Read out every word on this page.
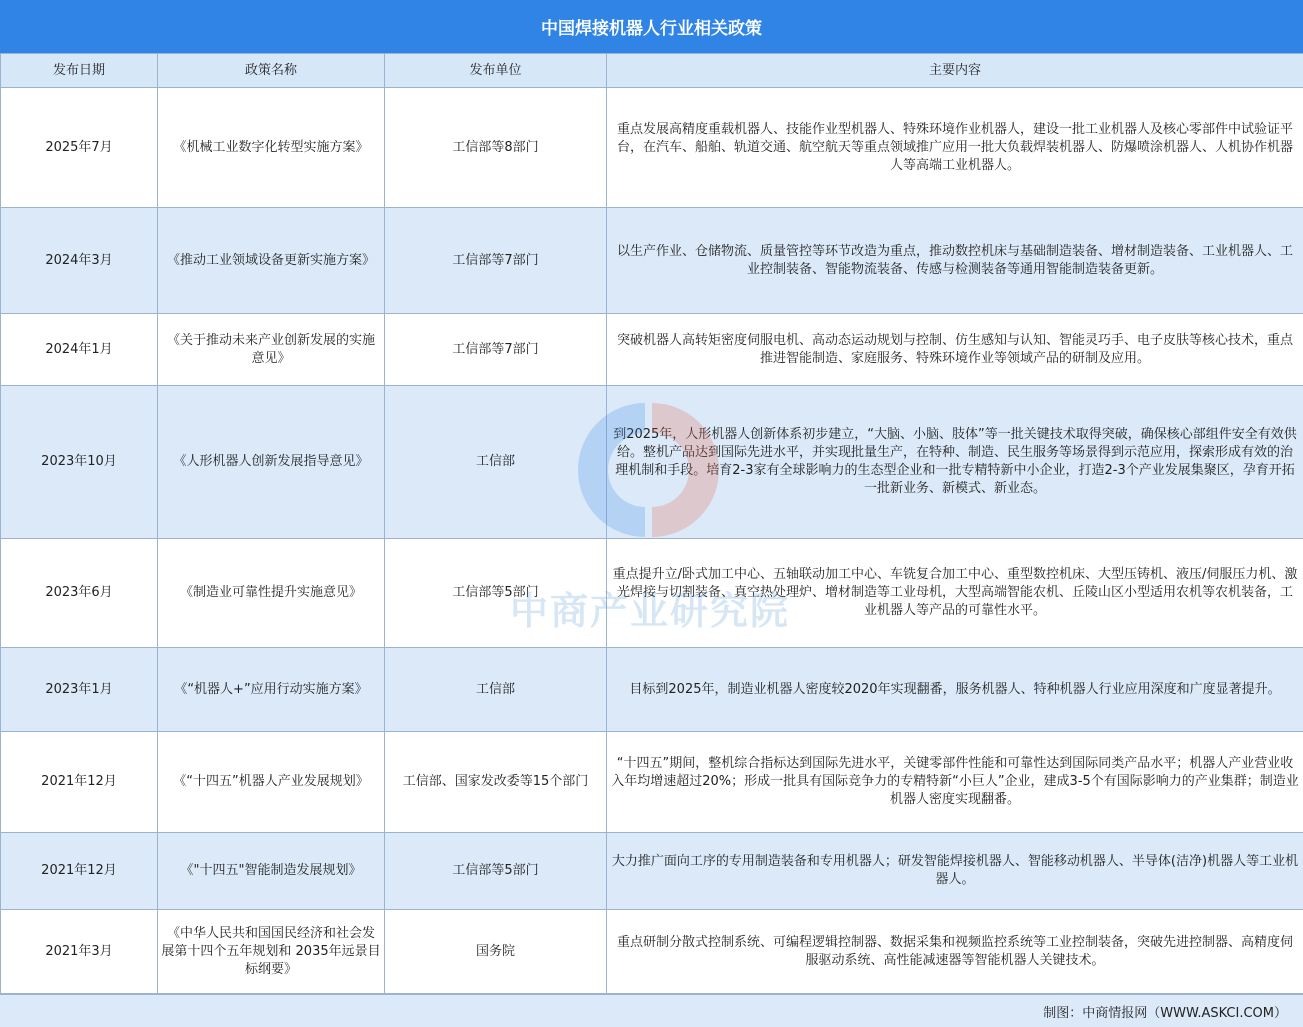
中国焊接机器人行业相关政策
发布日期	政策名称	发布单位	主要内容
2025年7月	《机械工业数字化转型实施方案》	工信部等8部门	重点发展高精度重载机器人、技能作业型机器人、特殊环境作业机器人，建设一批工业机器人及核心零部件中试验证平台，在汽车、船舶、轨道交通、航空航天等重点领域推广应用一批大负载焊装机器人、防爆喷涂机器人、人机协作机器人等高端工业机器人。
2024年3月	《推动工业领域设备更新实施方案》	工信部等7部门	以生产作业、仓储物流、质量管控等环节改造为重点，推动数控机床与基础制造装备、增材制造装备、工业机器人、工业控制装备、智能物流装备、传感与检测装备等通用智能制造装备更新。
2024年1月	《关于推动未来产业创新发展的实施意见》	工信部等7部门	突破机器人高转矩密度伺服电机、高动态运动规划与控制、仿生感知与认知、智能灵巧手、电子皮肤等核心技术，重点推进智能制造、家庭服务、特殊环境作业等领域产品的研制及应用。
2023年10月	《人形机器人创新发展指导意见》	工信部	到2025年，人形机器人创新体系初步建立，“大脑、小脑、肢体”等一批关键技术取得突破，确保核心部组件安全有效供给。整机产品达到国际先进水平，并实现批量生产，在特种、制造、民生服务等场景得到示范应用，探索形成有效的治理机制和手段。培育2-3家有全球影响力的生态型企业和一批专精特新中小企业，打造2-3个产业发展集聚区，孕育开拓一批新业务、新模式、新业态。
2023年6月	《制造业可靠性提升实施意见》	工信部等5部门	重点提升立/卧式加工中心、五轴联动加工中心、车铣复合加工中心、重型数控机床、大型压铸机、液压/伺服压力机、激光焊接与切割装备、真空热处理炉、增材制造等工业母机，大型高端智能农机、丘陵山区小型适用农机等农机装备，工业机器人等产品的可靠性水平。
2023年1月	《“机器人+”应用行动实施方案》	工信部	目标到2025年，制造业机器人密度较2020年实现翻番，服务机器人、特种机器人行业应用深度和广度显著提升。
2021年12月	《“十四五”机器人产业发展规划》	工信部、国家发改委等15个部门	“十四五”期间，整机综合指标达到国际先进水平，关键零部件性能和可靠性达到国际同类产品水平；机器人产业营业收入年均增速超过20%；形成一批具有国际竞争力的专精特新“小巨人”企业，建成3-5个有国际影响力的产业集群；制造业机器人密度实现翻番。
2021年12月	《"十四五"智能制造发展规划》	工信部等5部门	大力推广面向工序的专用制造装备和专用机器人；研发智能焊接机器人、智能移动机器人、半导体(洁净)机器人等工业机器人。
2021年3月	《中华人民共和国国民经济和社会发展第十四个五年规划和 2035年远景目标纲要》	国务院	重点研制分散式控制系统、可编程逻辑控制器、数据采集和视频监控系统等工业控制装备，突破先进控制器、高精度伺服驱动系统、高性能减速器等智能机器人关键技术。
中商产业研究院
制图：中商情报网（WWW.ASKCI.COM）
